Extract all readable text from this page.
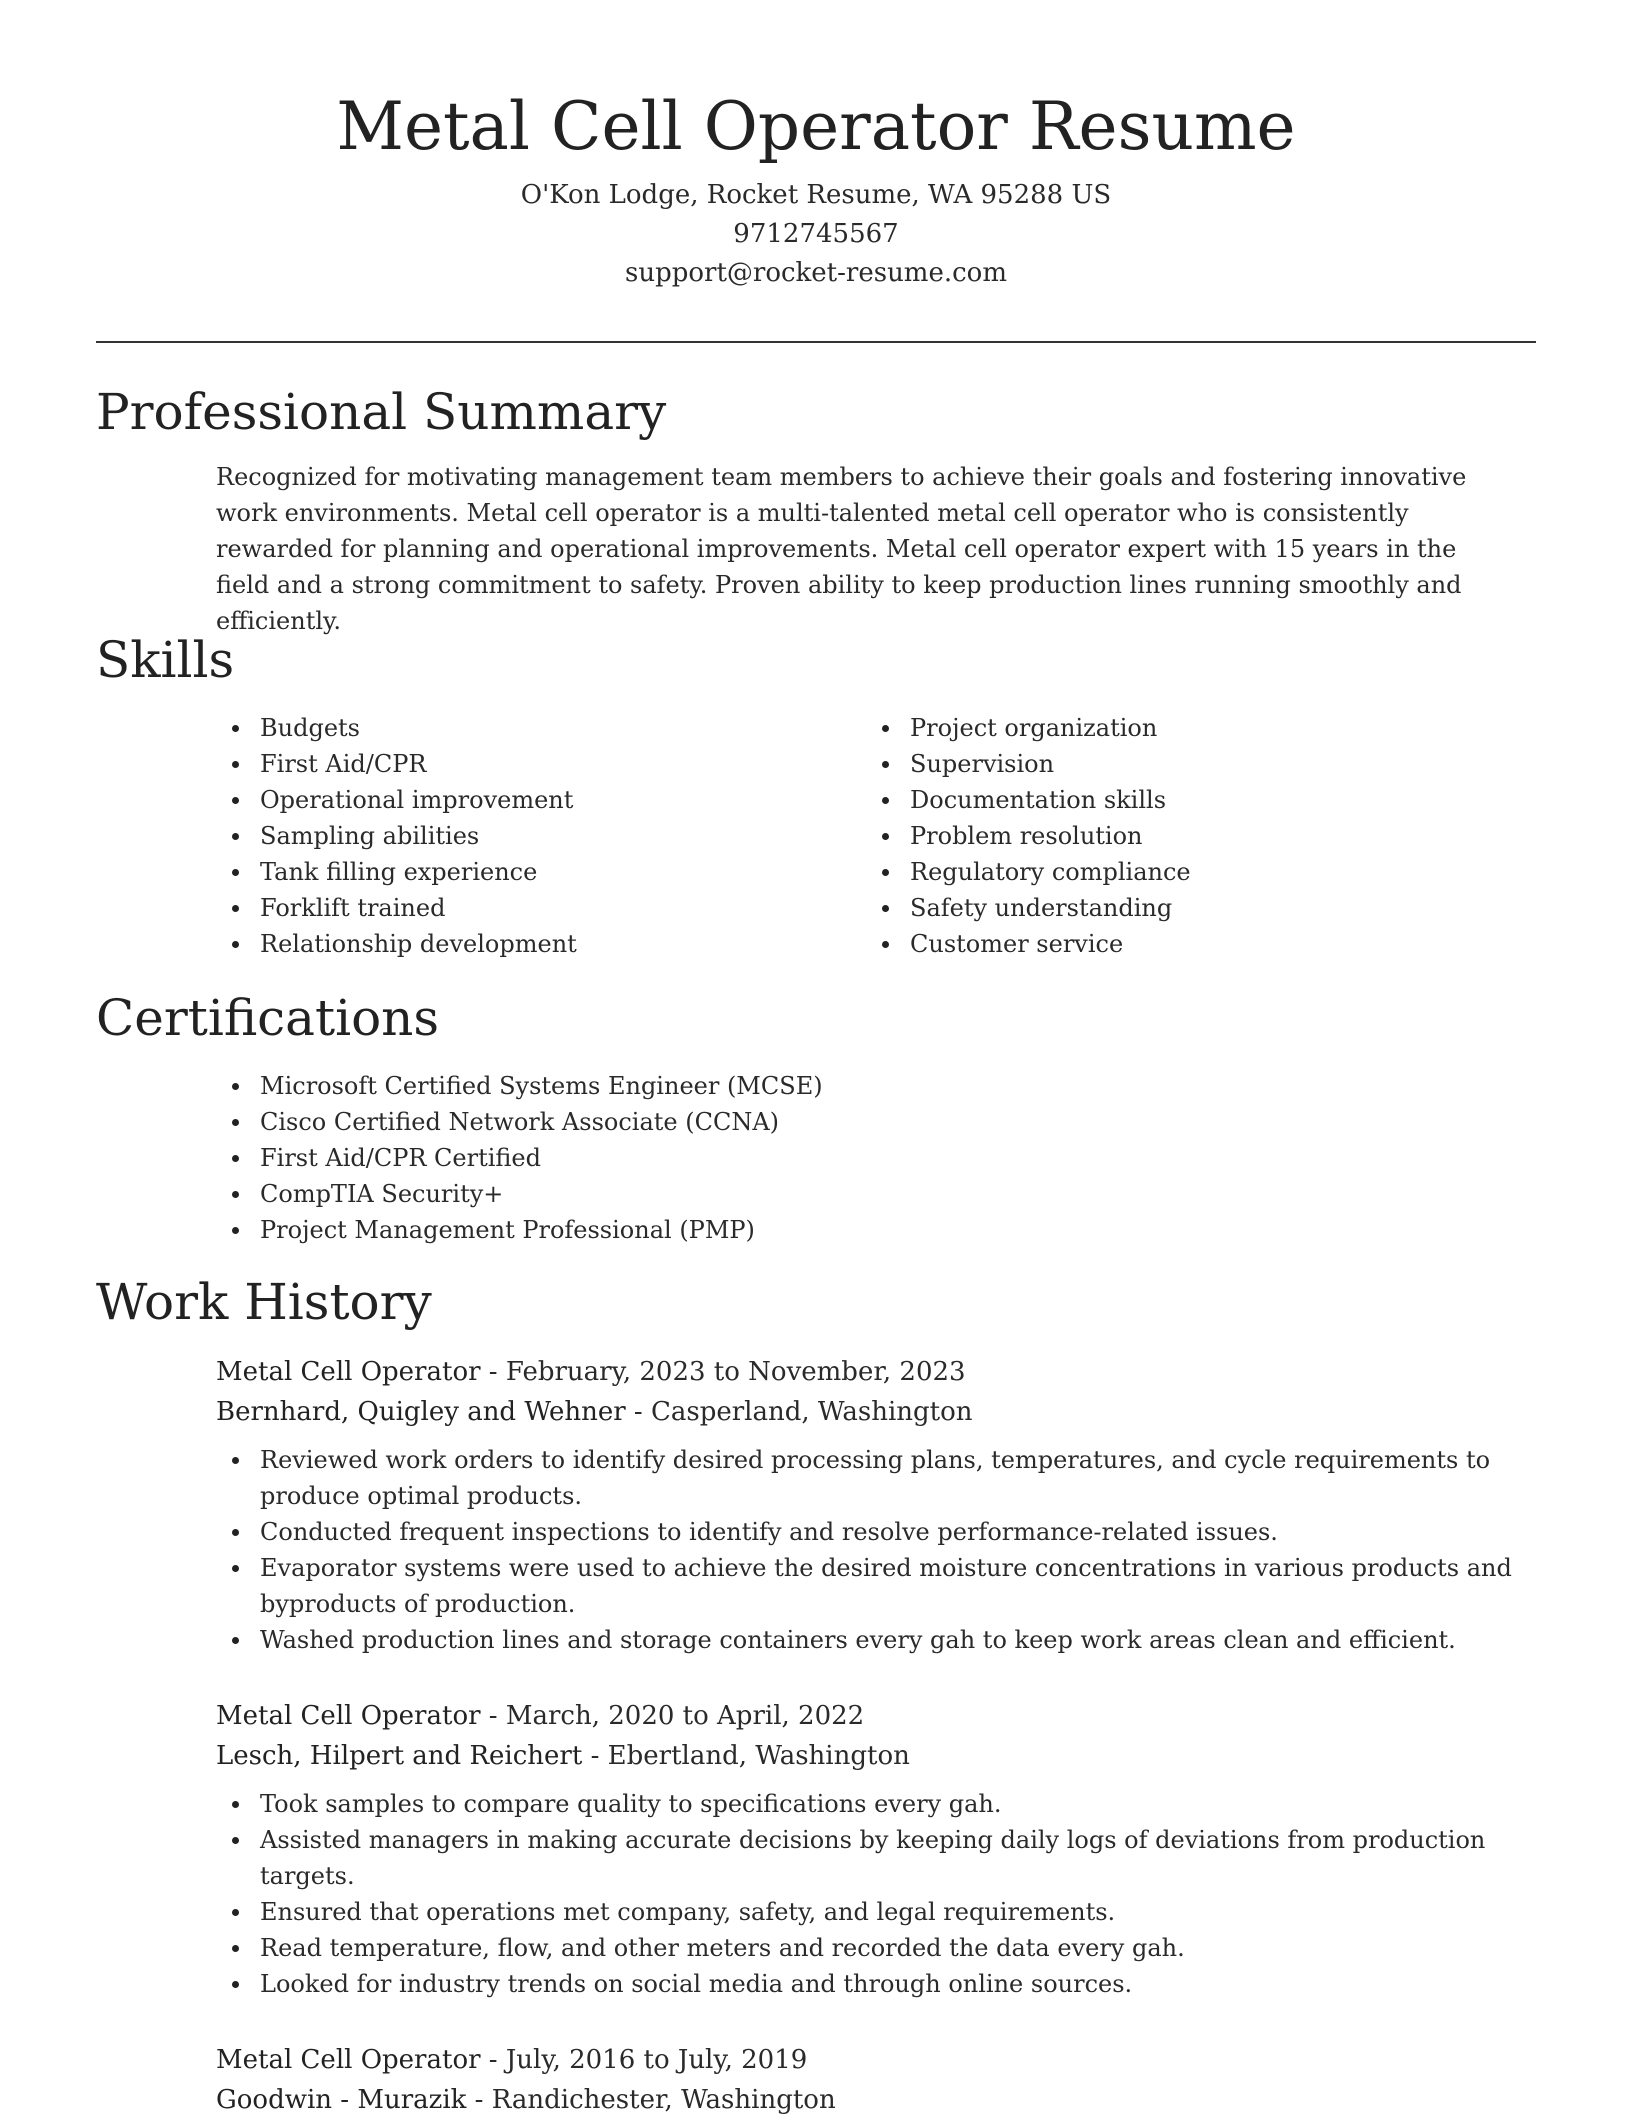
Metal Cell Operator Resume
O'Kon Lodge, Rocket Resume, WA 95288 US
9712745567
support@rocket-resume.com
Professional Summary

Recognized for motivating management team members to achieve their goals and fostering innovative work environments. Metal cell operator is a multi-talented metal cell operator who is consistently rewarded for planning and operational improvements. Metal cell operator expert with 15 years in the field and a strong commitment to safety. Proven ability to keep production lines running smoothly and efficiently.

Skills
Budgets
First Aid/CPR
Operational improvement
Sampling abilities
Tank filling experience
Forklift trained
Relationship development
Project organization
Supervision
Documentation skills
Problem resolution
Regulatory compliance
Safety understanding
Customer service
Certifications
Microsoft Certified Systems Engineer (MCSE)
Cisco Certified Network Associate (CCNA)
First Aid/CPR Certified
CompTIA Security+
Project Management Professional (PMP)
Work History
Metal Cell Operator - February, 2023 to November, 2023
Bernhard, Quigley and Wehner - Casperland, Washington
Reviewed work orders to identify desired processing plans, temperatures, and cycle requirements to produce optimal products.
Conducted frequent inspections to identify and resolve performance-related issues.
Evaporator systems were used to achieve the desired moisture concentrations in various products and byproducts of production.
Washed production lines and storage containers every gah to keep work areas clean and efficient.
Metal Cell Operator - March, 2020 to April, 2022
Lesch, Hilpert and Reichert - Ebertland, Washington
Took samples to compare quality to specifications every gah.
Assisted managers in making accurate decisions by keeping daily logs of deviations from production targets.
Ensured that operations met company, safety, and legal requirements.
Read temperature, flow, and other meters and recorded the data every gah.
Looked for industry trends on social media and through online sources.
Metal Cell Operator - July, 2016 to July, 2019
Goodwin - Murazik - Randichester, Washington
